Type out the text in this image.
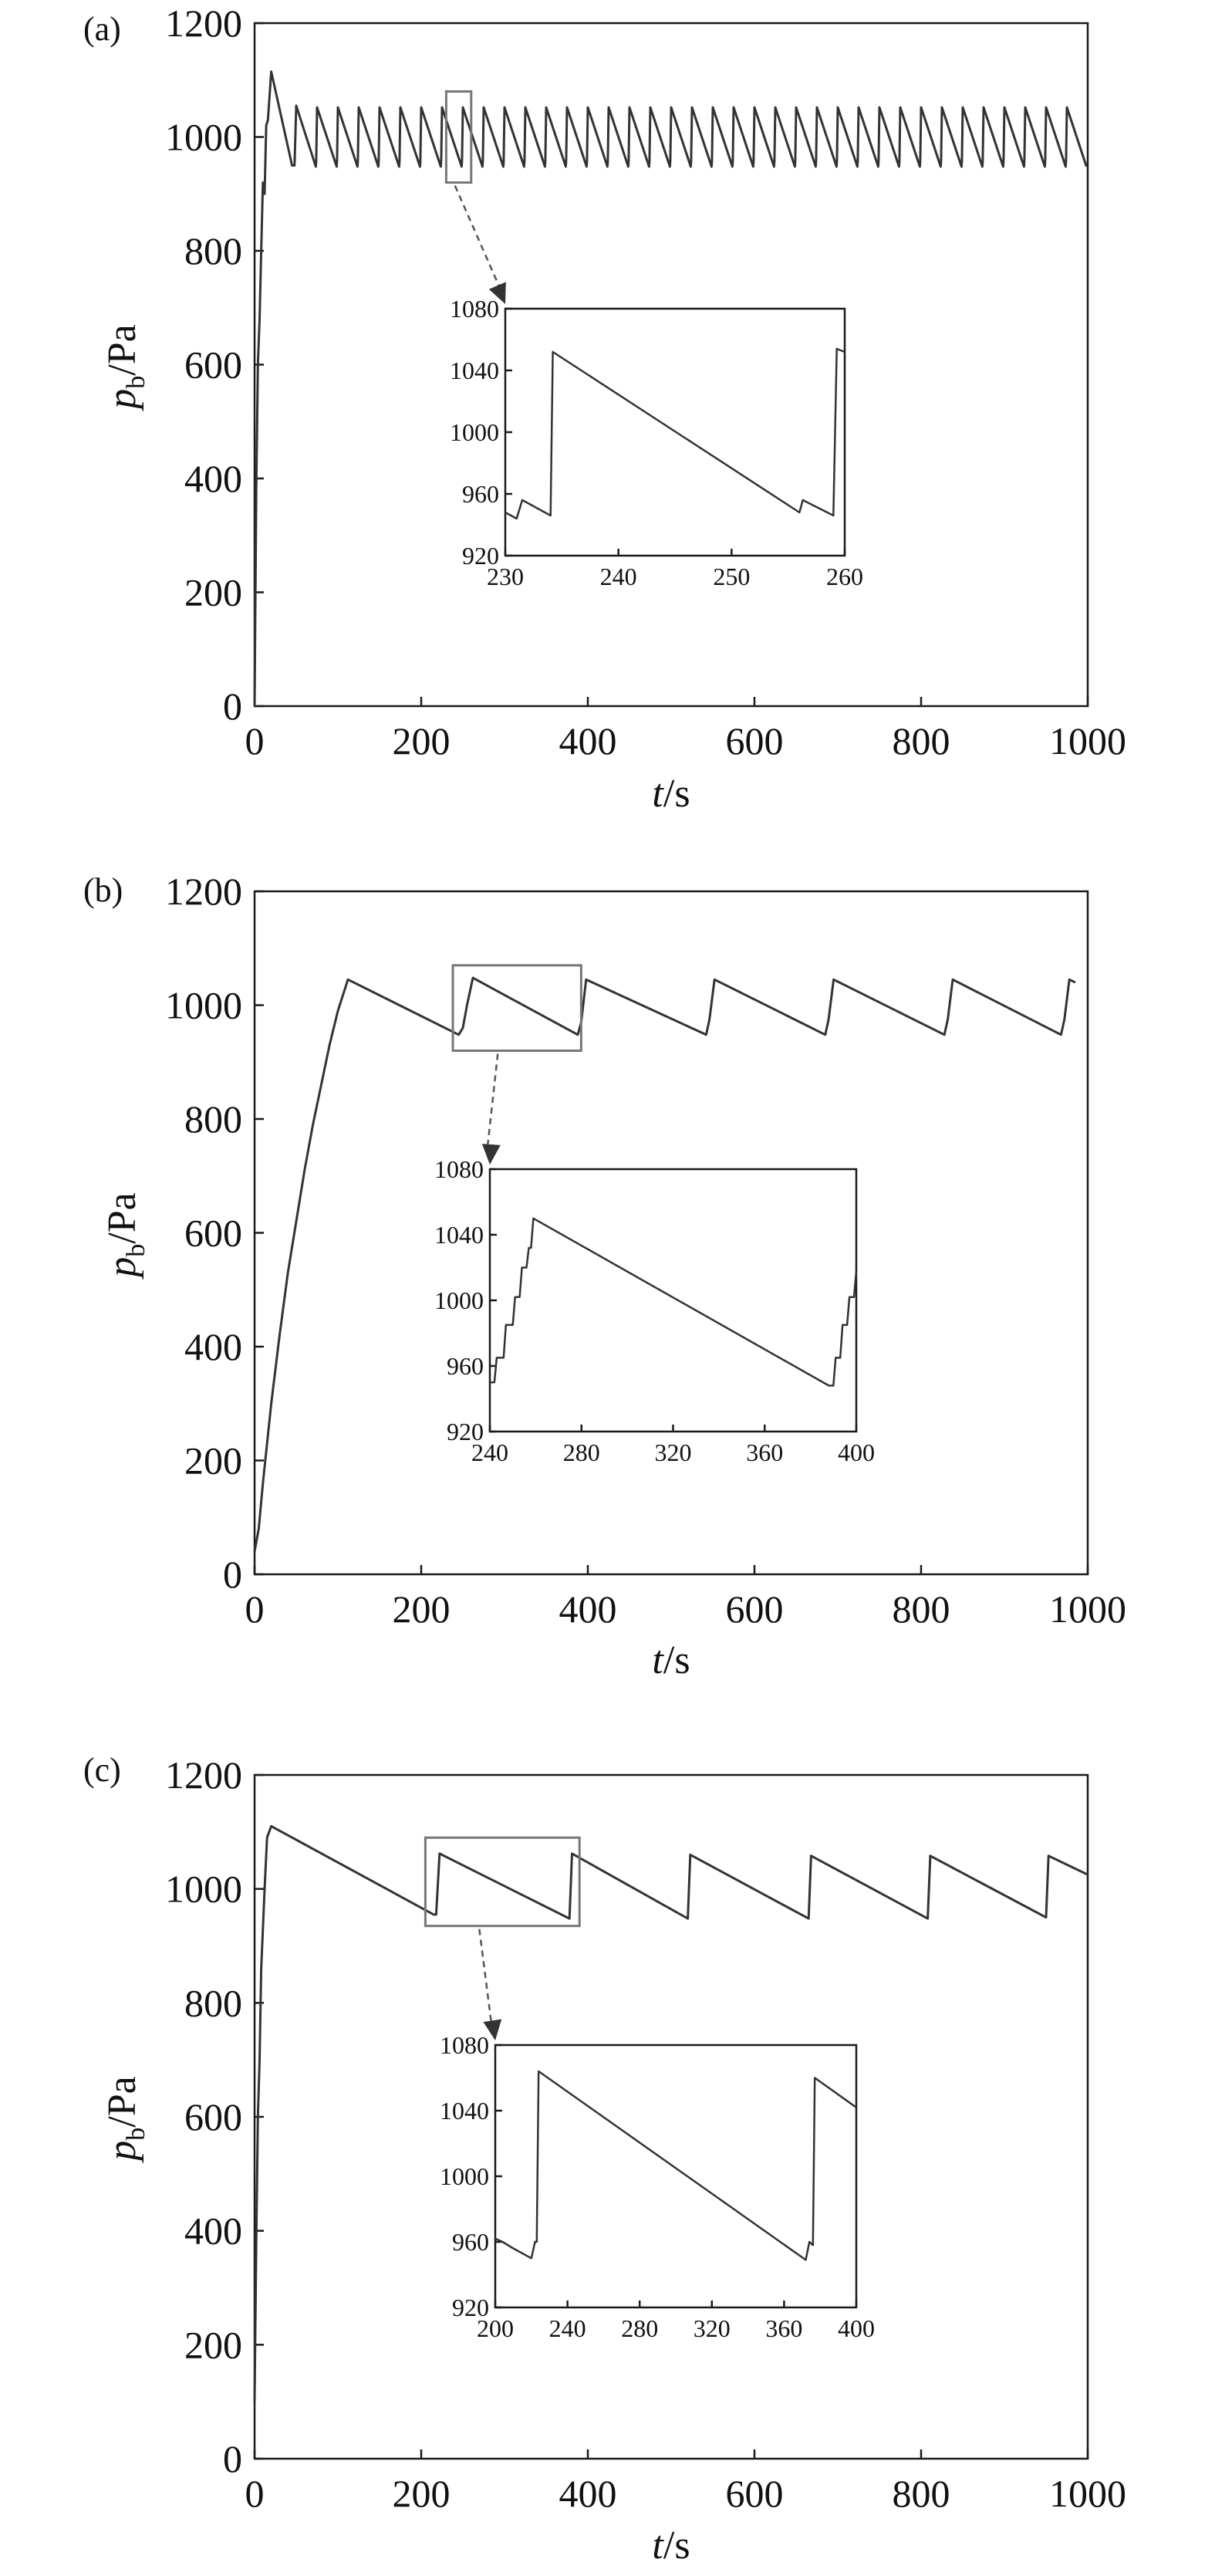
(a)
0
200
400
600
800
1000
1200
0	200	400	600	800	1000
t/s
$p_b/Pa$
920
960
1000
1040
1080
230	240	250	260
(b)
0
200
400
600
800
1000
1200
0	200	400	600	800	1000
t/s
$p_b/Pa$
920
960
1000
1040
1080
240 280 320 360 400
(c)
0
200
400
600
800
1000
1200
0	200	400	600	800	1000
t/s
$p_b/Pa$
920
960
1000
1040
1080
200 240 280 320 360 400
